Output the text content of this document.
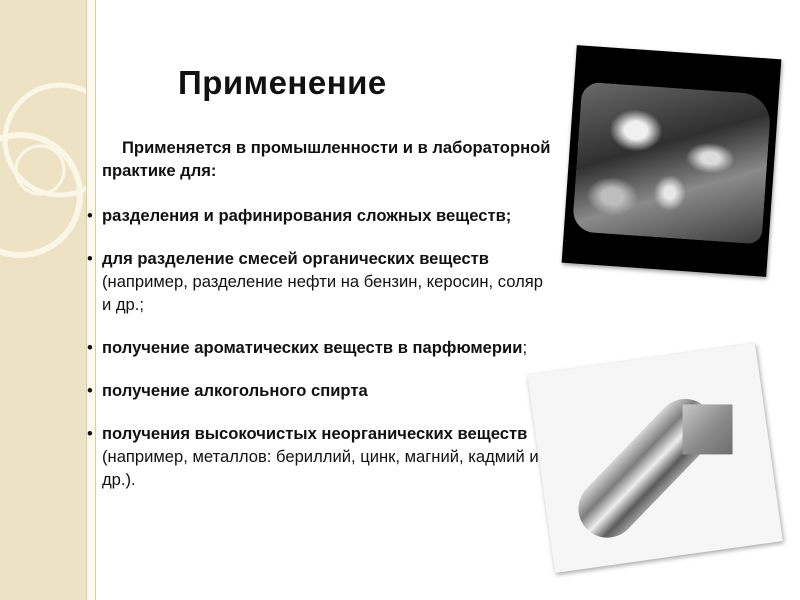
Применение
Применяется в промышленности и в лабораторной практике для:
• разделения и рафинирования сложных веществ;
• для разделение смесей органических веществ (например, разделение нефти на бензин, керосин, соляр и др.;
• получение ароматических веществ в парфюмерии;
• получение алкогольного спирта
• получения высокочистых неорганических веществ (например, металлов: бериллий, цинк, магний, кадмий и др.).
